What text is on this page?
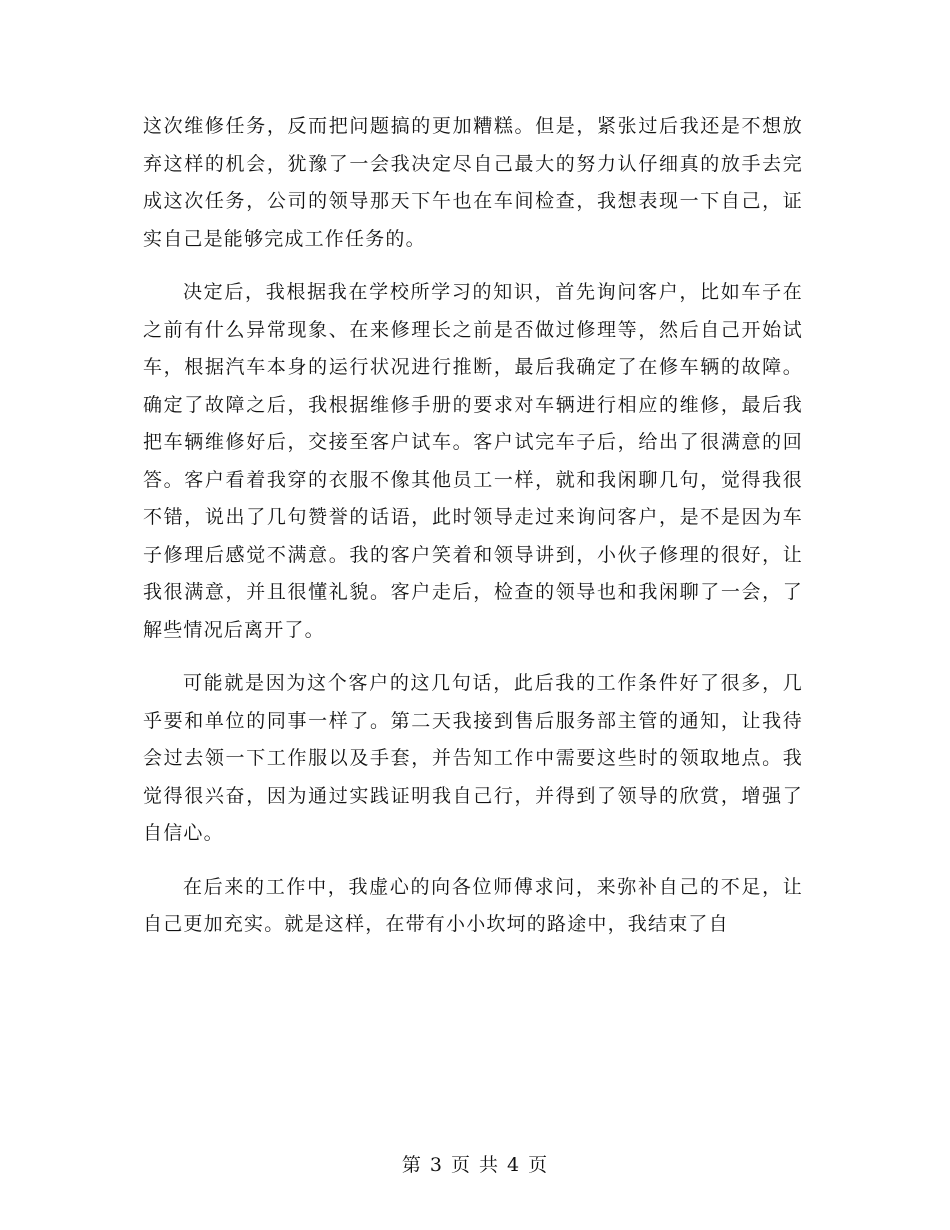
这次维修任务，反而把问题搞的更加糟糕。但是，紧张过后我还是不想放弃这样的机会，犹豫了一会我决定尽自己最大的努力认仔细真的放手去完成这次任务，公司的领导那天下午也在车间检查，我想表现一下自己，证实自己是能够完成工作任务的。

决定后，我根据我在学校所学习的知识，首先询问客户，比如车子在之前有什么异常现象、在来修理长之前是否做过修理等，然后自己开始试车，根据汽车本身的运行状况进行推断，最后我确定了在修车辆的故障。确定了故障之后，我根据维修手册的要求对车辆进行相应的维修，最后我把车辆维修好后，交接至客户试车。客户试完车子后，给出了很满意的回答。客户看着我穿的衣服不像其他员工一样，就和我闲聊几句，觉得我很不错，说出了几句赞誉的话语，此时领导走过来询问客户，是不是因为车子修理后感觉不满意。我的客户笑着和领导讲到，小伙子修理的很好，让我很满意，并且很懂礼貌。客户走后，检查的领导也和我闲聊了一会，了解些情况后离开了。

可能就是因为这个客户的这几句话，此后我的工作条件好了很多，几乎要和单位的同事一样了。第二天我接到售后服务部主管的通知，让我待会过去领一下工作服以及手套，并告知工作中需要这些时的领取地点。我觉得很兴奋，因为通过实践证明我自己行，并得到了领导的欣赏，增强了自信心。

在后来的工作中，我虚心的向各位师傅求问，来弥补自己的不足，让自己更加充实。就是这样，在带有小小坎坷的路途中，我结束了自

第 3 页 共 4 页
